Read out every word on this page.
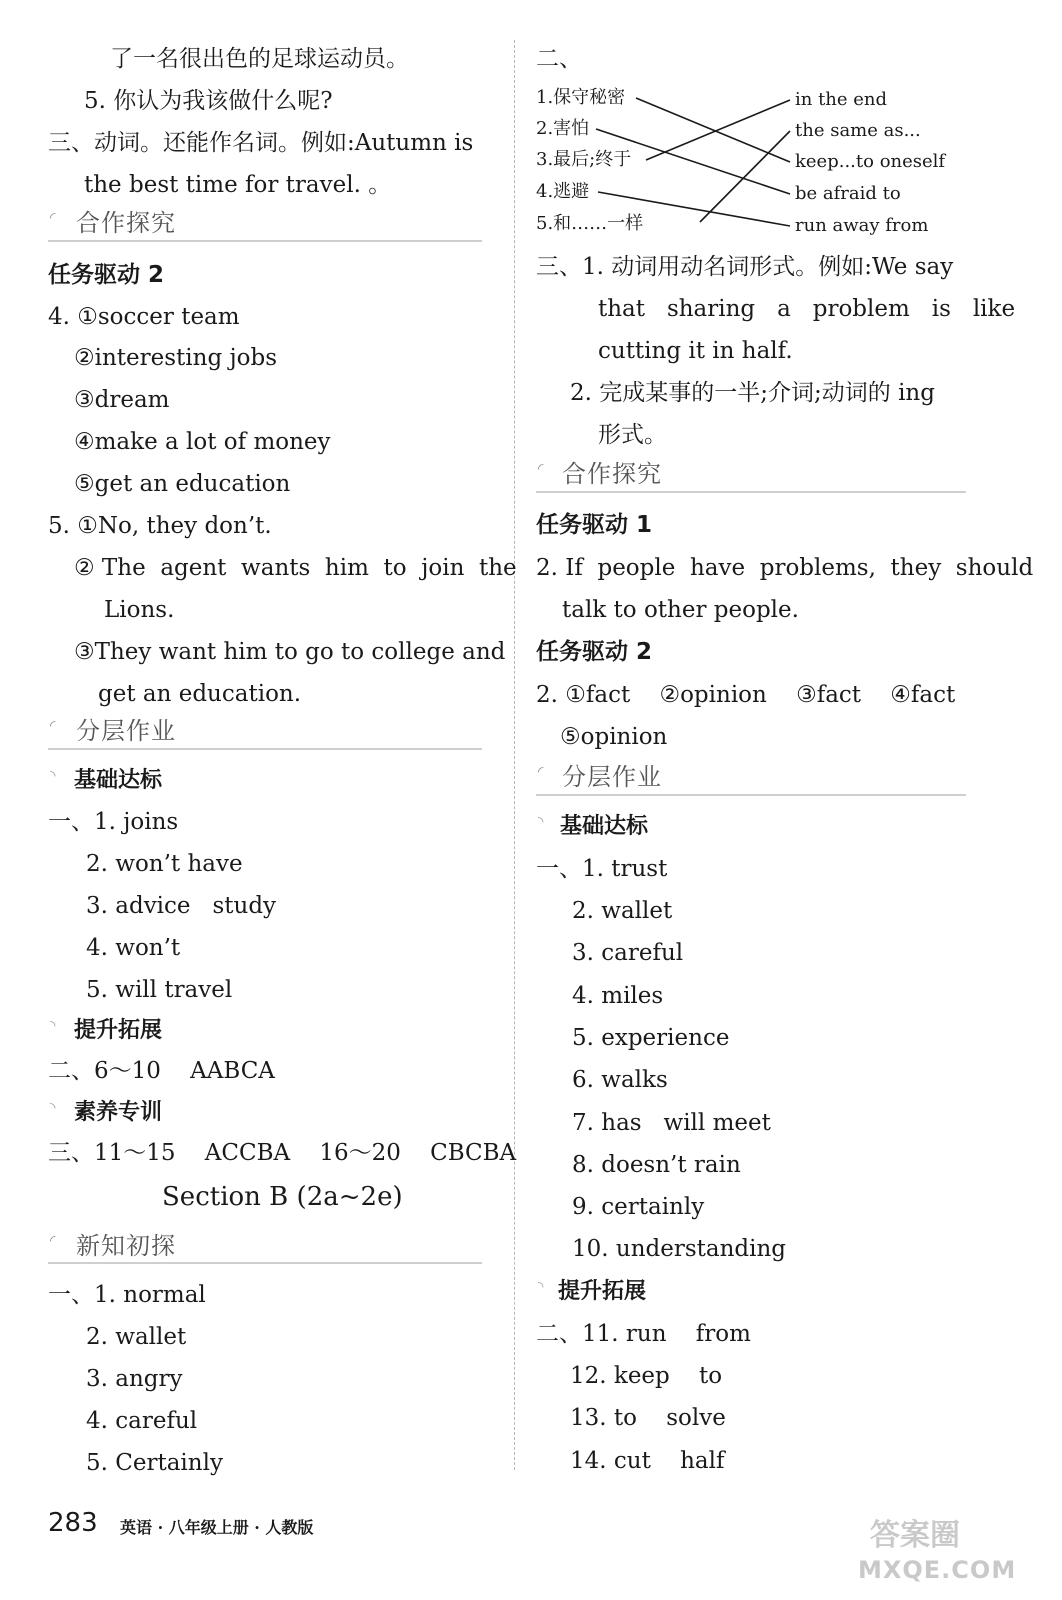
了一名很出色的足球运动员。
5. 你认为我该做什么呢?
三、动词。还能作名词。例如:Autumn is
the best time for travel. 。
◜ 合作探究
任务驱动 2
4. ①soccer team
②interesting jobs
③dream
④make a lot of money
⑤get an education
5. ①No, they don’t.
② The  agent  wants  him  to  join  the
Lions.
③They want him to go to college and
get an education.
◜ 分层作业
◝ 基础达标
一、1. joins
2. won’t have
3. advice   study
4. won’t
5. will travel
◝ 提升拓展
二、6～10    AABCA
◝ 素养专训
三、11～15    ACCBA    16～20    CBCBA
Section B (2a~2e)
◜ 新知初探
一、1. normal
2. wallet
3. angry
4. careful
5. Certainly
二、
1.保守秘密
2.害怕
3.最后;终于
4.逃避
5.和……一样
in the end
the same as...
keep...to oneself
be afraid to
run away from
三、1. 动词用动名词形式。例如:We say
that   sharing   a   problem   is   like
cutting it in half.
2. 完成某事的一半;介词;动词的 ing
形式。
◜ 合作探究
任务驱动 1
2. If  people  have  problems,  they  should
talk to other people.
任务驱动 2
2. ①fact    ②opinion    ③fact    ④fact
⑤opinion
◜ 分层作业
◝ 基础达标
一、1. trust
2. wallet
3. careful
4. miles
5. experience
6. walks
7. has   will meet
8. doesn’t rain
9. certainly
10. understanding
◝ 提升拓展
二、11. run    from
12. keep    to
13. to    solve
14. cut    half
283 英语 · 八年级上册 · 人教版	答案圈
MXQE.COM
